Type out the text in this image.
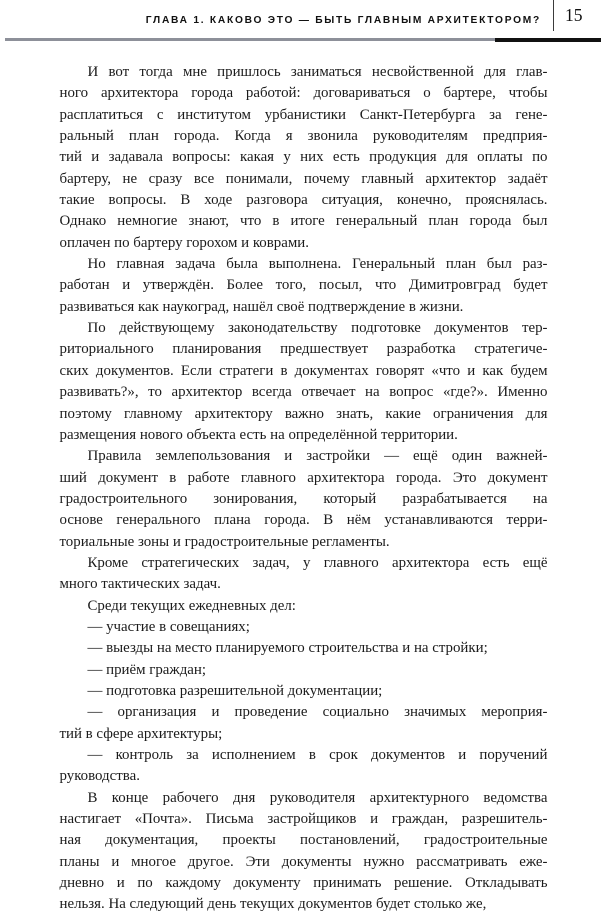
ГЛАВА 1. КАКОВО ЭТО — БЫТЬ ГЛАВНЫМ АРХИТЕКТОРОМ?	15

И вот тогда мне пришлось заниматься несвойственной для глав-
ного архитектора города работой: договариваться о бартере, чтобы
расплатиться с институтом урбанистики Санкт-Петербурга за гене-
ральный план города. Когда я звонила руководителям предприя-
тий и задавала вопросы: какая у них есть продукция для оплаты по
бартеру, не сразу все понимали, почему главный архитектор задаёт
такие вопросы. В ходе разговора ситуация, конечно, прояснялась.
Однако немногие знают, что в итоге генеральный план города был
оплачен по бартеру горохом и коврами.

Но главная задача была выполнена. Генеральный план был раз-
работан и утверждён. Более того, посыл, что Димитровград будет
развиваться как наукоград, нашёл своё подтверждение в жизни.

По действующему законодательству подготовке документов тер-
риториального планирования предшествует разработка стратегиче-
ских документов. Если стратеги в документах говорят «что и как будем
развивать?», то архитектор всегда отвечает на вопрос «где?». Именно
поэтому главному архитектору важно знать, какие ограничения для
размещения нового объекта есть на определённой территории.

Правила землепользования и застройки — ещё один важней-
ший документ в работе главного архитектора города. Это документ
градостроительного зонирования, который разрабатывается на
основе генерального плана города. В нём устанавливаются терри-
ториальные зоны и градостроительные регламенты.

Кроме стратегических задач, у главного архитектора есть ещё
много тактических задач.

Среди текущих ежедневных дел:

— участие в совещаниях;

— выезды на место планируемого строительства и на стройки;

— приём граждан;

— подготовка разрешительной документации;

— организация и проведение социально значимых мероприя-
тий в сфере архитектуры;

— контроль за исполнением в срок документов и поручений
руководства.

В конце рабочего дня руководителя архитектурного ведомства
настигает «Почта». Письма застройщиков и граждан, разрешитель-
ная документация, проекты постановлений, градостроительные
планы и многое другое. Эти документы нужно рассматривать еже-
дневно и по каждому документу принимать решение. Откладывать
нельзя. На следующий день текущих документов будет столько же,
